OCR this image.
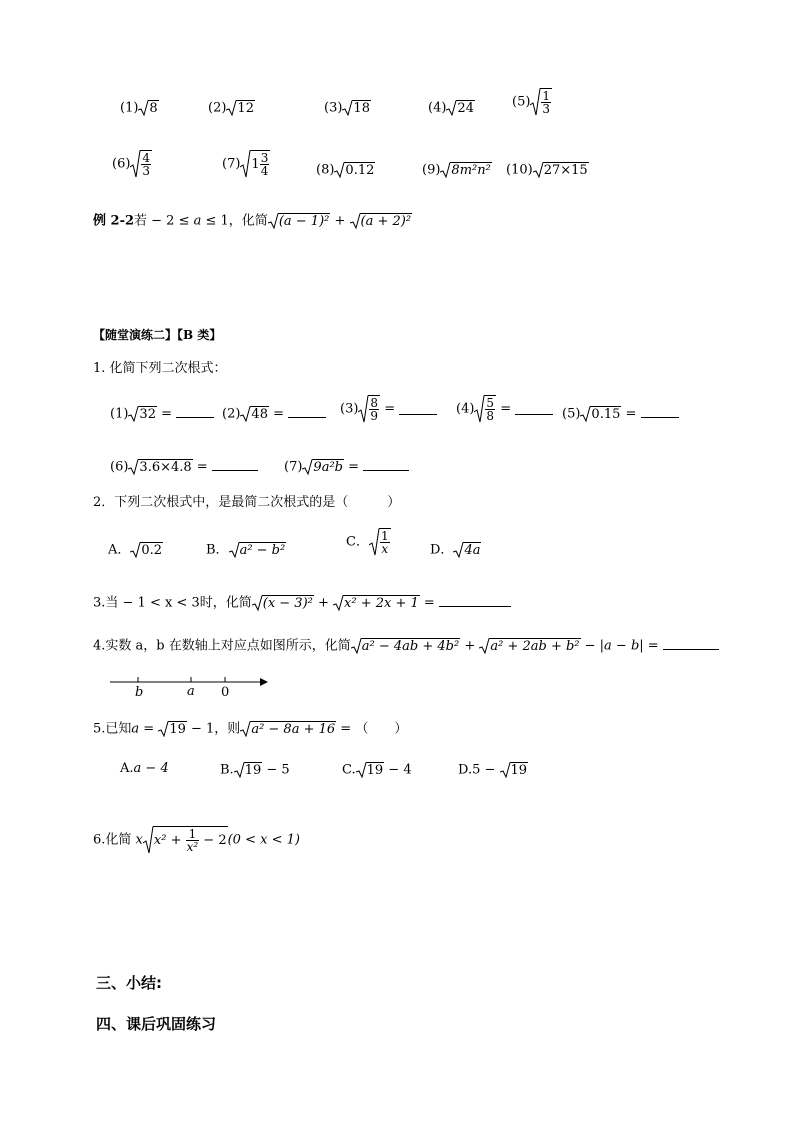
(1) 8	(2) 12	(3) 18	(4) 24	$(5) \frac{1}{3}$
$(6) \frac{4}{3}$	(7) $1 \frac{3}{4}$	(8) 0.12	(9) 8m²n² (10) 27×15
例 2-2若 − 2 ≤ a ≤ 1，化简 (a − 1)² +
(a + 2)²
【随堂演练二】【B 类】
1. 化简下列二次根式：
(1) 32 =	(2) 48 =	$(3) \frac{8}{9}$ =	$(4) \frac{5}{8}$ =	(5) 0.15 =
(6) 3.6×4.8 =	(7) 9a²b =
2．下列二次根式中，是最简二次根式的是（　　　）
A． 0.2	B． a² − b²
C． $\frac{1}{x}$	D． 4a
3.当 − 1 < x < 3时，化简 (x − 3)² +
x² + 2x + 1 =
4.实数 a，b 在数轴上对应点如图所示，化简 a² − 4ab + 4b² +
a² + 2ab + b² − |a − b| =
b	a 0
5.已知a =
19 − 1，则 a² − 8a + 16 = （　　）
A.a − 4	B. 19 − 5	C. 19 − 4	D.5 −
19
6.化简 x $x^2 + \frac{1}{\text{x²}} - 2(0 < x < 1)$
三、小结:
四、课后巩固练习
